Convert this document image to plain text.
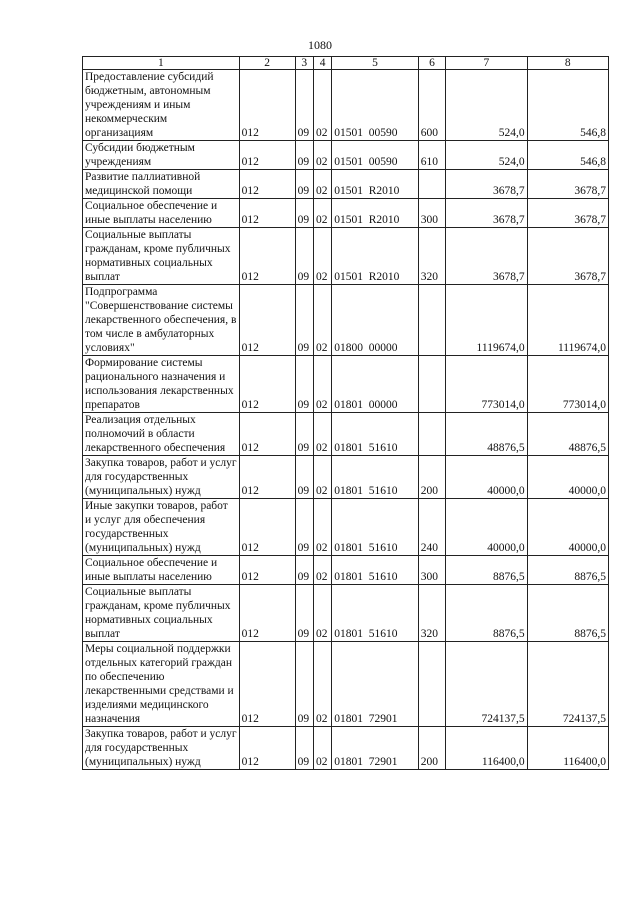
1080
1	2	3	4	5	6	7	8
Предоставление субсидий бюджетным, автономным учреждениям и иным некоммерческим организациям	012	09	02	01501  00590	600	524,0	546,8
Субсидии бюджетным учреждениям	012	09	02	01501  00590	610	524,0	546,8
Развитие паллиативной медицинской помощи	012	09	02	01501  R2010		3678,7	3678,7
Социальное обеспечение и иные выплаты населению	012	09	02	01501  R2010	300	3678,7	3678,7
Социальные выплаты гражданам, кроме публичных нормативных социальных выплат	012	09	02	01501  R2010	320	3678,7	3678,7
Подпрограмма "Совершенствование системы лекарственного обеспечения, в том числе в амбулаторных условиях"	012	09	02	01800  00000		1119674,0	1119674,0
Формирование системы рационального назначения и использования лекарственных препаратов	012	09	02	01801  00000		773014,0	773014,0
Реализация отдельных полномочий в области лекарственного обеспечения	012	09	02	01801  51610		48876,5	48876,5
Закупка товаров, работ и услуг для государственных (муниципальных) нужд	012	09	02	01801  51610	200	40000,0	40000,0
Иные закупки товаров, работ и услуг для обеспечения государственных (муниципальных) нужд	012	09	02	01801  51610	240	40000,0	40000,0
Социальное обеспечение и иные выплаты населению	012	09	02	01801  51610	300	8876,5	8876,5
Социальные выплаты гражданам, кроме публичных нормативных социальных выплат	012	09	02	01801  51610	320	8876,5	8876,5
Меры социальной поддержки отдельных категорий граждан по обеспечению лекарственными средствами и изделиями медицинского назначения	012	09	02	01801  72901		724137,5	724137,5
Закупка товаров, работ и услуг для государственных (муниципальных) нужд	012	09	02	01801  72901	200	116400,0	116400,0
